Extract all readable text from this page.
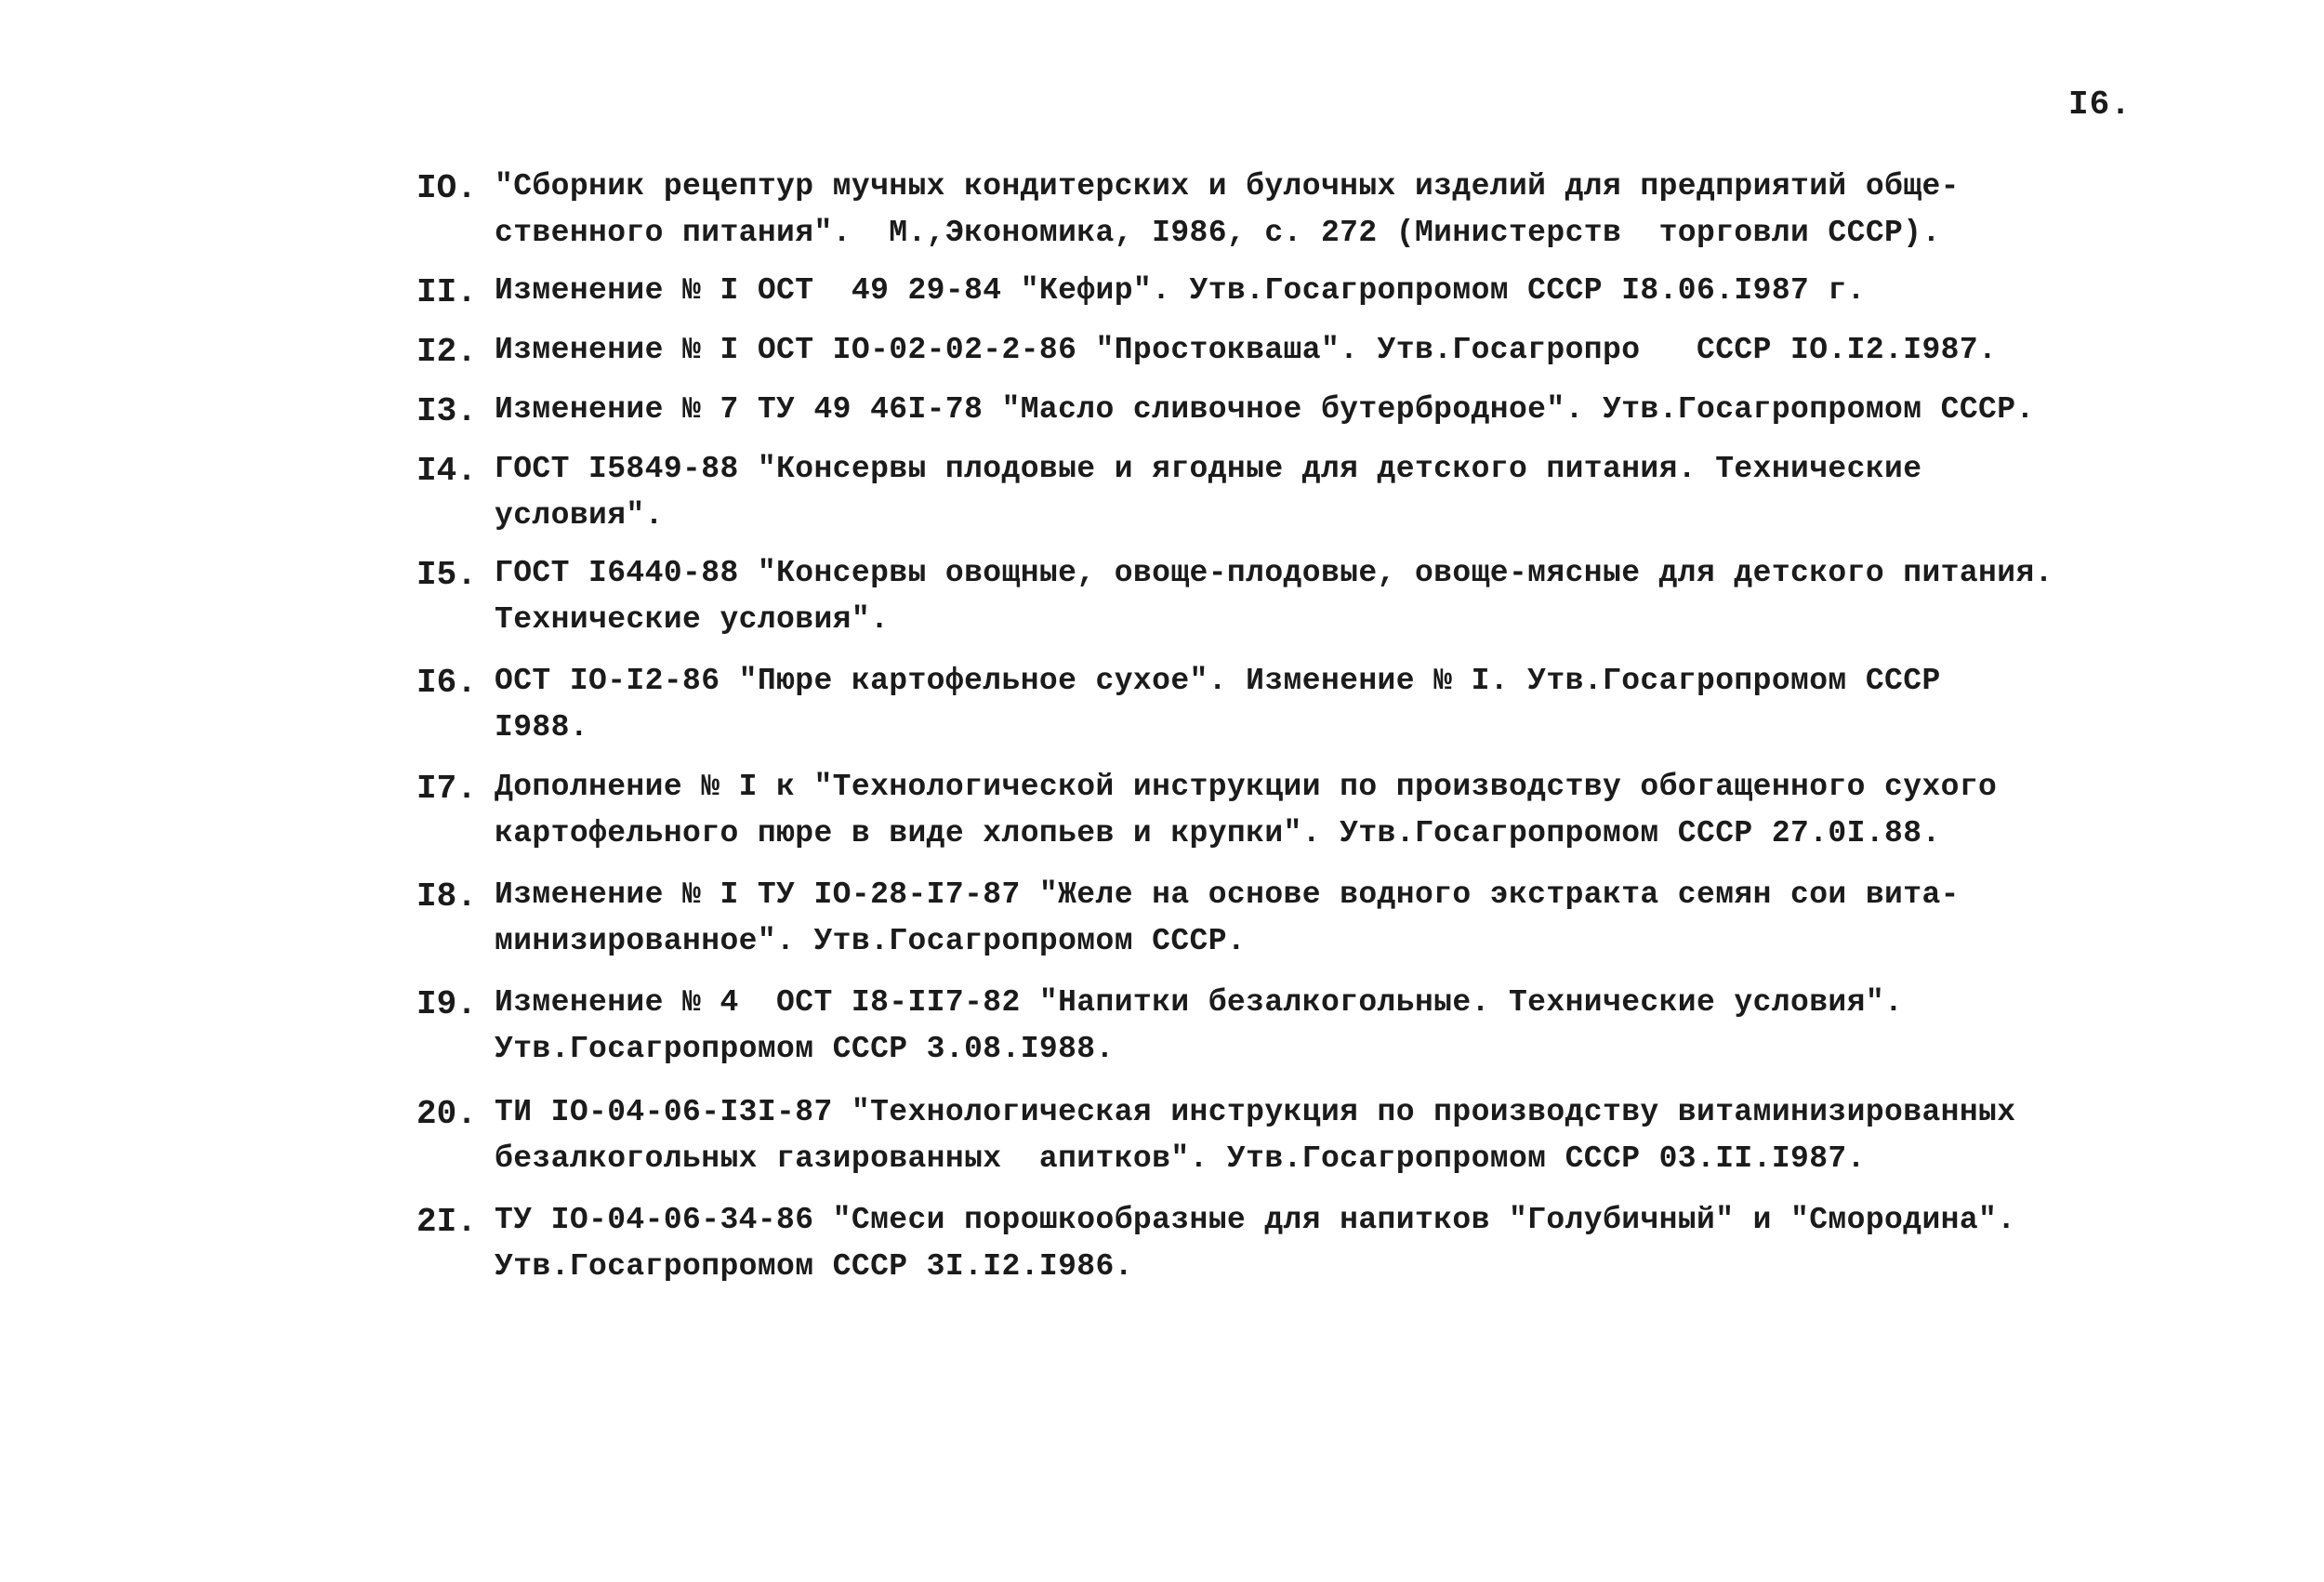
I6.
IO. "Сборник рецептур мучных кондитерских и булочных изделий для предприятий обще-
ственного питания".  М.,Экономика, I986, с. 272 (Министерств  торговли СССР).
II. Изменение № I ОСТ  49 29-84 "Кефир". Утв.Госагропромом СССР I8.06.I987 г.
I2. Изменение № I ОСТ IO-02-02-2-86 "Простокваша". Утв.Госагропро   СССР IO.I2.I987.
I3. Изменение № 7 ТУ 49 46I-78 "Масло сливочное бутербродное". Утв.Госагропромом СССР.
I4. ГОСТ I5849-88 "Консервы плодовые и ягодные для детского питания. Технические
условия".
I5. ГОСТ I6440-88 "Консервы овощные, овоще-плодовые, овоще-мясные для детского питания.
Технические условия".
I6. ОСТ IO-I2-86 "Пюре картофельное сухое". Изменение № I. Утв.Госагропромом СССР
I988.
I7. Дополнение № I к "Технологической инструкции по производству обогащенного сухого
картофельного пюре в виде хлопьев и крупки". Утв.Госагропромом СССР 27.0I.88.
I8. Изменение № I ТУ IO-28-I7-87 "Желе на основе водного экстракта семян сои вита-
минизированное". Утв.Госагропромом СССР.
I9. Изменение № 4  ОСТ I8-II7-82 "Напитки безалкогольные. Технические условия".
Утв.Госагропромом СССР 3.08.I988.
20. ТИ IO-04-06-I3I-87 "Технологическая инструкция по производству витаминизированных
безалкогольных газированных  апитков". Утв.Госагропромом СССР 03.II.I987.
2I. ТУ IO-04-06-34-86 "Смеси порошкообразные для напитков "Голубичный" и "Смородина".
Утв.Госагропромом СССР 3I.I2.I986.
